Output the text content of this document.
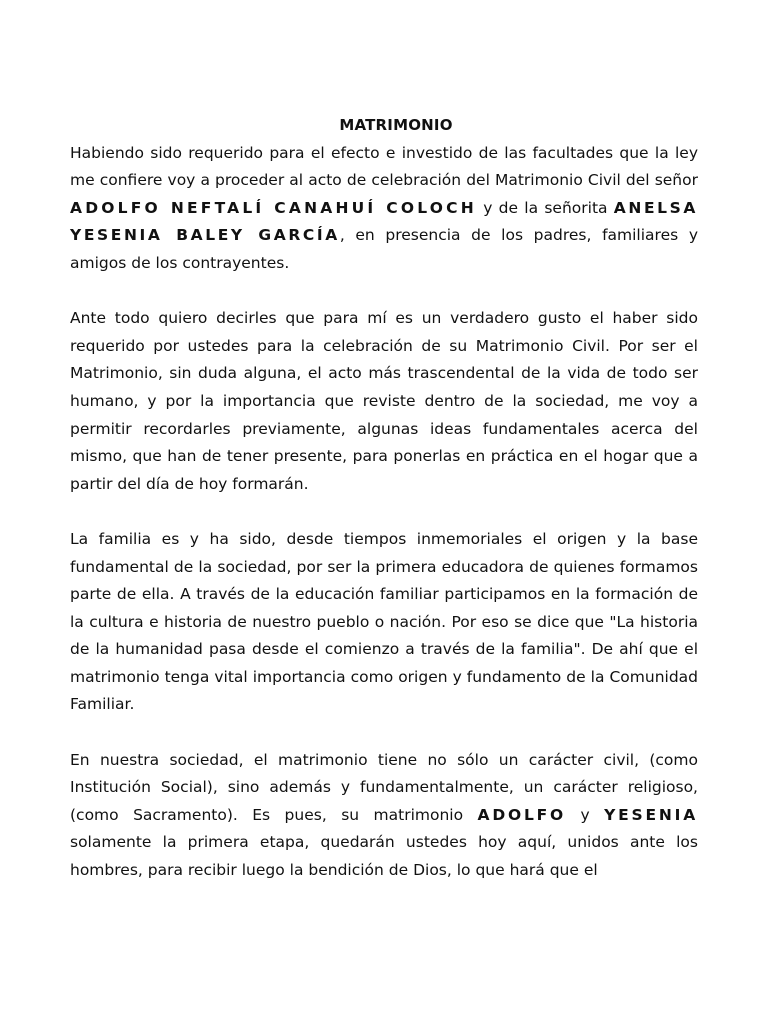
MATRIMONIO

Habiendo sido requerido para el efecto e investido de las facultades que la ley me confiere voy a proceder al acto de celebración del Matrimonio Civil del señor ADOLFO NEFTALÍ CANAHUÍ COLOCH y de la señorita ANELSA YESENIA BALEY GARCÍA, en presencia de los padres, familiares y amigos de los contrayentes.

Ante todo quiero decirles que para mí es un verdadero gusto el haber sido requerido por ustedes para la celebración de su Matrimonio Civil. Por ser el Matrimonio, sin duda alguna, el acto más trascendental de la vida de todo ser humano, y por la importancia que reviste dentro de la sociedad, me voy a permitir recordarles previamente, algunas ideas fundamentales acerca del mismo, que han de tener presente, para ponerlas en práctica en el hogar que a partir del día de hoy formarán.

La familia es y ha sido, desde tiempos inmemoriales el origen y la base fundamental de la sociedad, por ser la primera educadora de quienes formamos parte de ella. A través de la educación familiar participamos en la formación de la cultura e historia de nuestro pueblo o nación. Por eso se dice que "La historia de la humanidad pasa desde el comienzo a través de la familia". De ahí que el matrimonio tenga vital importancia como origen y fundamento de la Comunidad Familiar.

En nuestra sociedad, el matrimonio tiene no sólo un carácter civil, (como Institución Social), sino además y fundamentalmente, un carácter religioso, (como Sacramento). Es pues, su matrimonio ADOLFO y YESENIA solamente la primera etapa, quedarán ustedes hoy aquí, unidos ante los hombres, para recibir luego la bendición de Dios, lo que hará que el
